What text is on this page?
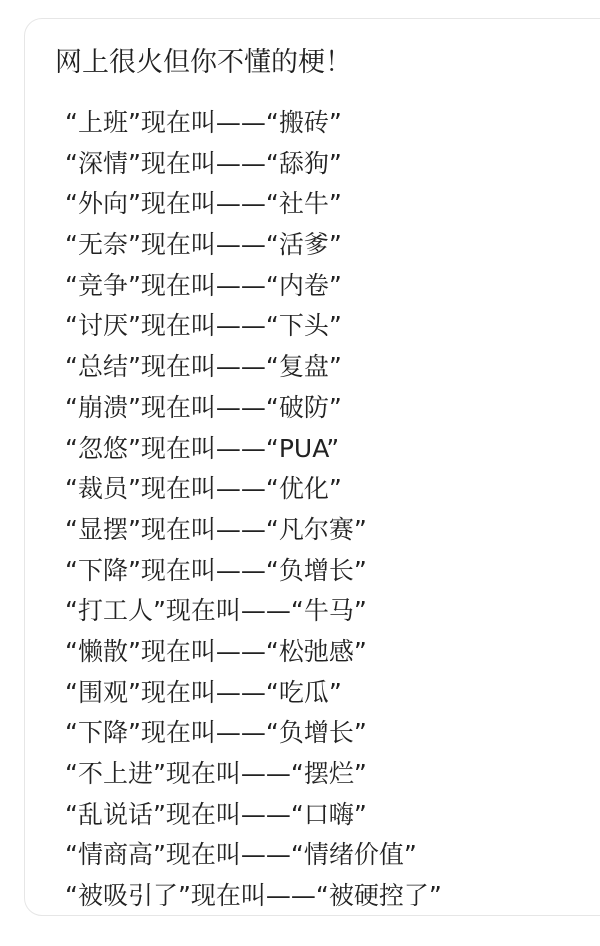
网上很火但你不懂的梗！
“上班”现在叫——“搬砖”
“深情”现在叫——“舔狗”
“外向”现在叫——“社牛”
“无奈”现在叫——“活爹”
“竞争”现在叫——“内卷”
“讨厌”现在叫——“下头”
“总结”现在叫——“复盘”
“崩溃”现在叫——“破防”
“忽悠”现在叫——“PUA”
“裁员”现在叫——“优化”
“显摆”现在叫——“凡尔赛”
“下降”现在叫——“负增长”
“打工人”现在叫——“牛马”
“懒散”现在叫——“松弛感”
“围观”现在叫——“吃瓜”
“下降”现在叫——“负增长”
“不上进”现在叫——“摆烂”
“乱说话”现在叫——“口嗨”
“情商高”现在叫——“情绪价值”
“被吸引了”现在叫——“被硬控了”
